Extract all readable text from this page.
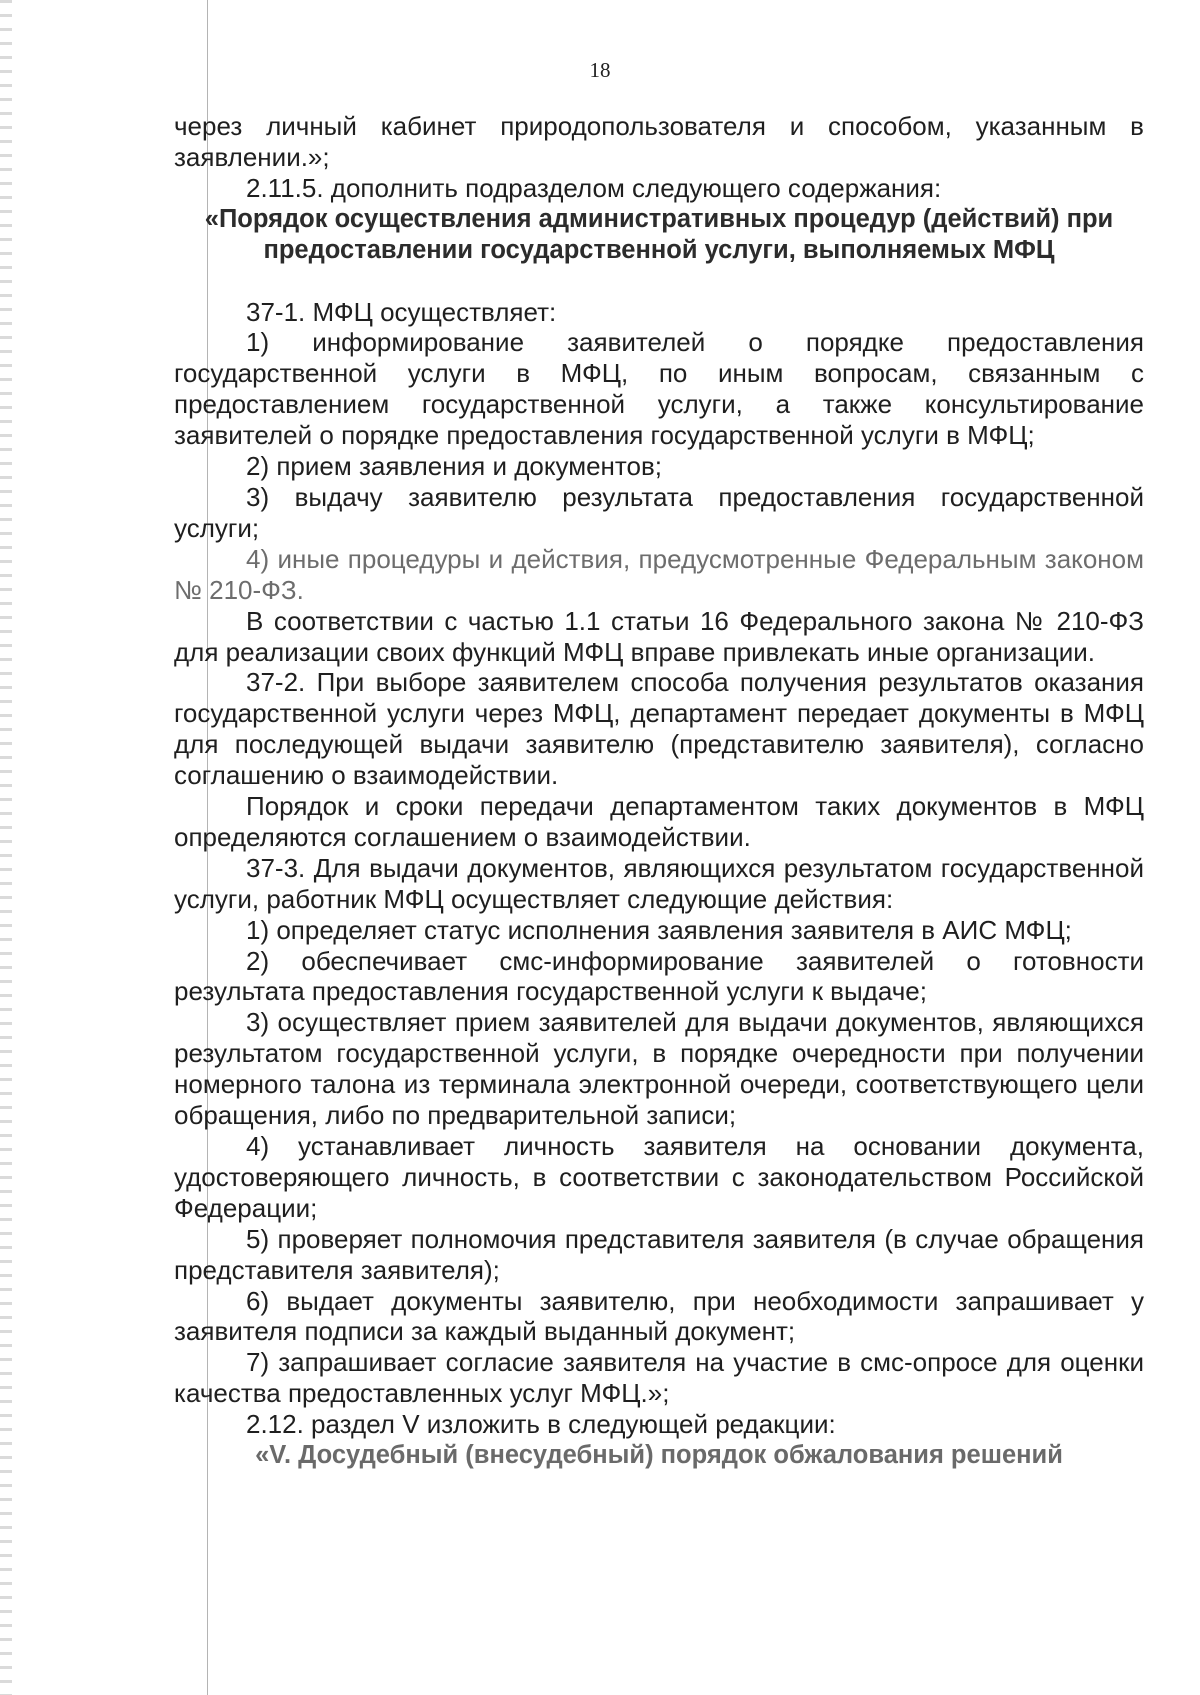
18

через личный кабинет природопользователя и способом, указанным в заявлении.»;

2.11.5. дополнить подразделом следующего содержания:

«Порядок осуществления административных процедур (действий) при предоставлении государственной услуги, выполняемых МФЦ

37-1. МФЦ осуществляет:

1) информирование заявителей о порядке предоставления государственной услуги в МФЦ, по иным вопросам, связанным с предоставлением государственной услуги, а также консультирование заявителей о порядке предоставления государственной услуги в МФЦ;

2) прием заявления и документов;

3) выдачу заявителю результата предоставления государственной услуги;

4) иные процедуры и действия, предусмотренные Федеральным законом № 210-ФЗ.

В соответствии с частью 1.1 статьи 16 Федерального закона № 210-ФЗ для реализации своих функций МФЦ вправе привлекать иные организации.

37-2. При выборе заявителем способа получения результатов оказания государственной услуги через МФЦ, департамент передает документы в МФЦ для последующей выдачи заявителю (представителю заявителя), согласно соглашению о взаимодействии.

Порядок и сроки передачи департаментом таких документов в МФЦ определяются соглашением о взаимодействии.

37-3. Для выдачи документов, являющихся результатом государственной услуги, работник МФЦ осуществляет следующие действия:

1) определяет статус исполнения заявления заявителя в АИС МФЦ;

2) обеспечивает смс-информирование заявителей о готовности результата предоставления государственной услуги к выдаче;

3) осуществляет прием заявителей для выдачи документов, являющихся результатом государственной услуги, в порядке очередности при получении номерного талона из терминала электронной очереди, соответствующего цели обращения, либо по предварительной записи;

4) устанавливает личность заявителя на основании документа, удостоверяющего личность, в соответствии с законодательством Российской Федерации;

5) проверяет полномочия представителя заявителя (в случае обращения представителя заявителя);

6) выдает документы заявителю, при необходимости запрашивает у заявителя подписи за каждый выданный документ;

7) запрашивает согласие заявителя на участие в смс-опросе для оценки качества предоставленных услуг МФЦ.»;

2.12. раздел V изложить в следующей редакции:

«V. Досудебный (внесудебный) порядок обжалования решений
